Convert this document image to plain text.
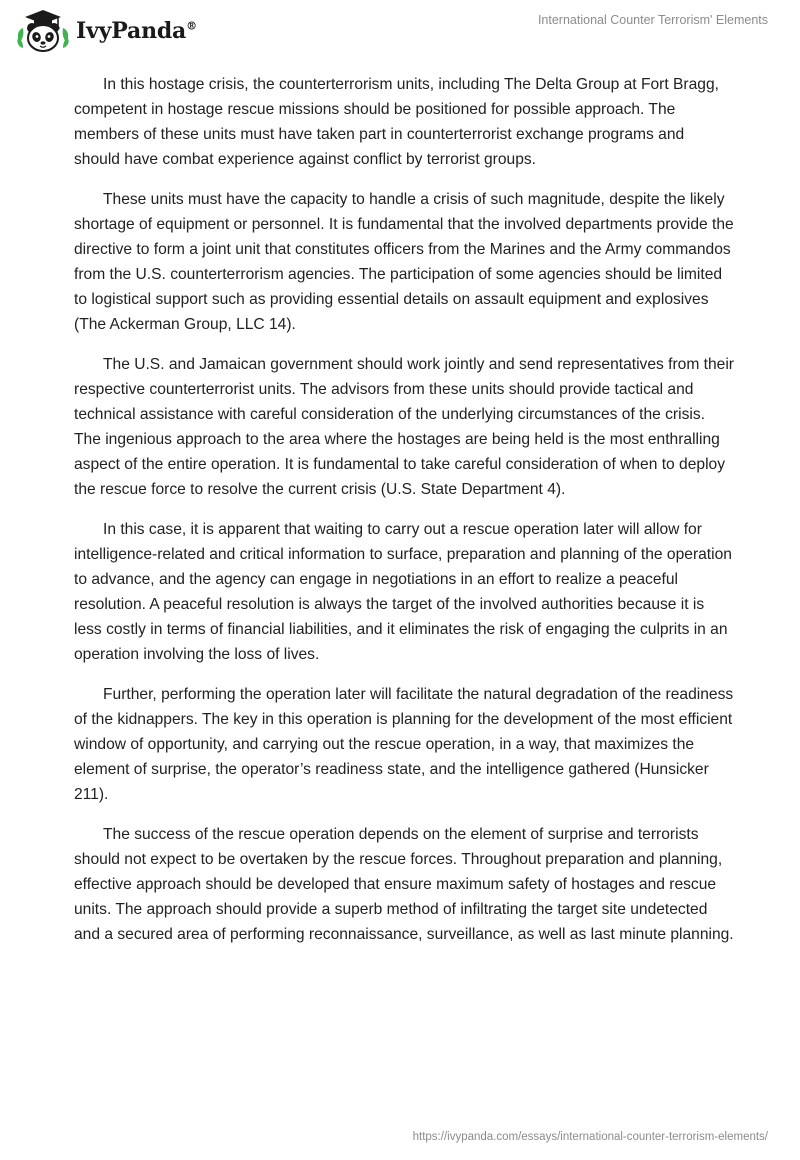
IvyPanda®	International Counter Terrorism' Elements

In this hostage crisis, the counterterrorism units, including The Delta Group at Fort Bragg, competent in hostage rescue missions should be positioned for possible approach. The members of these units must have taken part in counterterrorist exchange programs and should have combat experience against conflict by terrorist groups.

These units must have the capacity to handle a crisis of such magnitude, despite the likely shortage of equipment or personnel. It is fundamental that the involved departments provide the directive to form a joint unit that constitutes officers from the Marines and the Army commandos from the U.S. counterterrorism agencies. The participation of some agencies should be limited to logistical support such as providing essential details on assault equipment and explosives (The Ackerman Group, LLC 14).

The U.S. and Jamaican government should work jointly and send representatives from their respective counterterrorist units. The advisors from these units should provide tactical and technical assistance with careful consideration of the underlying circumstances of the crisis. The ingenious approach to the area where the hostages are being held is the most enthralling aspect of the entire operation. It is fundamental to take careful consideration of when to deploy the rescue force to resolve the current crisis (U.S. State Department 4).

In this case, it is apparent that waiting to carry out a rescue operation later will allow for intelligence-related and critical information to surface, preparation and planning of the operation to advance, and the agency can engage in negotiations in an effort to realize a peaceful resolution. A peaceful resolution is always the target of the involved authorities because it is less costly in terms of financial liabilities, and it eliminates the risk of engaging the culprits in an operation involving the loss of lives.

Further, performing the operation later will facilitate the natural degradation of the readiness of the kidnappers. The key in this operation is planning for the development of the most efficient window of opportunity, and carrying out the rescue operation, in a way, that maximizes the element of surprise, the operator’s readiness state, and the intelligence gathered (Hunsicker 211).

The success of the rescue operation depends on the element of surprise and terrorists should not expect to be overtaken by the rescue forces. Throughout preparation and planning, effective approach should be developed that ensure maximum safety of hostages and rescue units. The approach should provide a superb method of infiltrating the target site undetected and a secured area of performing reconnaissance, surveillance, as well as last minute planning.

https://ivypanda.com/essays/international-counter-terrorism-elements/
